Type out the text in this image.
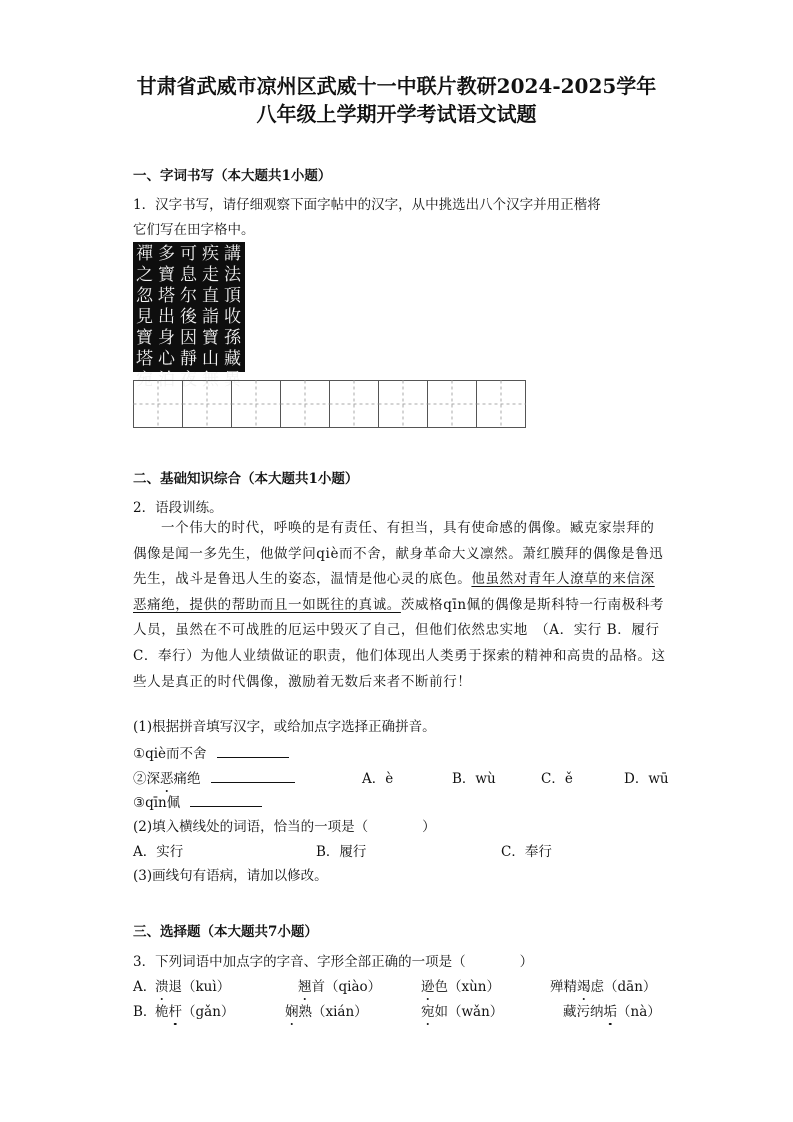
甘肃省武威市凉州区武威十一中联片教研2024-2025学年
八年级上学期开学考试语文试题

一、字词书写（本大题共1小题）

1．汉字书写，请仔细观察下面字帖中的汉字，从中挑选出八个汉字并用正楷将

它们写在田字格中。

禪
之
忽
見
寶
塔
宛
多
寶
塔
出
身
心
泊
可
息
尔
後
因
靜
夜
疾
走
直
詣
寶
山
無
講
法
頂
收
孫
藏
異

二、基础知识综合（本大题共1小题）

2．语段训练。

一个伟大的时代，呼唤的是有责任、有担当，具有使命感的偶像。臧克家崇拜的偶像是闻一多先生，他做学问qiè而不舍，献身革命大义凛然。萧红膜拜的偶像是鲁迅先生，战斗是鲁迅人生的姿态，温情是他心灵的底色。他虽然对青年人潦草的来信深恶痛绝，提供的帮助而且一如既往的真诚。茨威格qīn佩的偶像是斯科特一行南极科考人员，虽然在不可战胜的厄运中毁灭了自己，但他们依然忠实地　（A．实行 B．履行　C．奉行）为他人业绩做证的职责，他们体现出人类勇于探索的精神和高贵的品格。这些人是真正的时代偶像，激励着无数后来者不断前行！

(1)根据拼音填写汉字，或给加点字选择正确拼音。

①qiè而不舍

②深恶痛绝	A．è	B．wù	C．ě	D．wū

③qīn佩

(2)填入横线处的词语，恰当的一项是（　　　　）

A．实行	B．履行	C．奉行

(3)画线句有语病，请加以修改。

三、选择题（本大题共7小题）

3．下列词语中加点字的字音、字形全部正确的一项是（　　　　）

A．

溃退（kuì）	翘首（qiào）	逊色（xùn）	殚精竭虑（dān）

B．

桅杆（gǎn）	娴熟（xián）	宛如（wǎn）	藏污纳垢（nà）
